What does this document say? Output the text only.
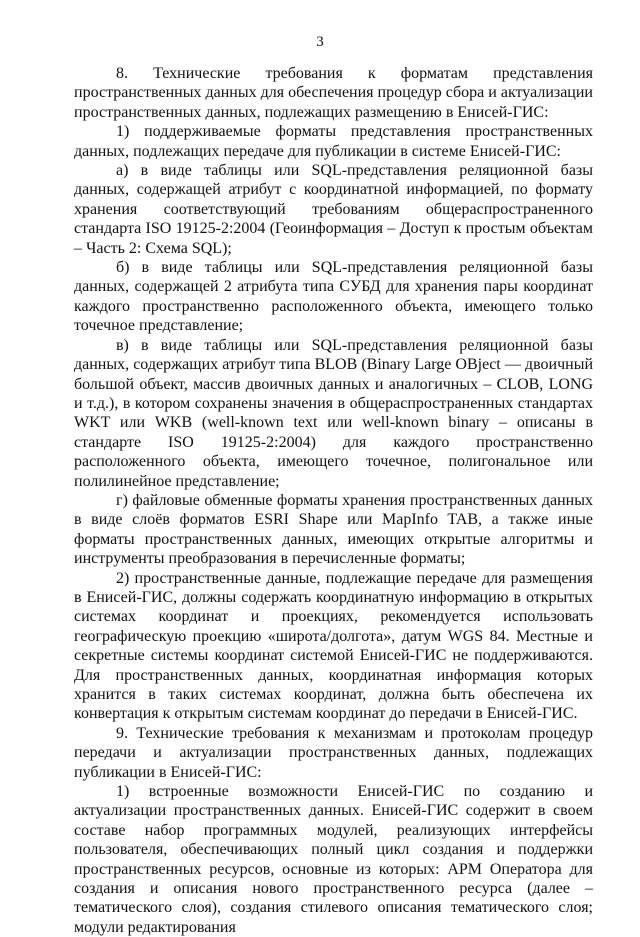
3

8. Технические требования к форматам представления пространственных данных для обеспечения процедур сбора и актуализации пространственных данных, подлежащих размещению в Енисей-ГИС:

1) поддерживаемые форматы представления пространственных данных, подлежащих передаче для публикации в системе Енисей-ГИС:

а) в виде таблицы или SQL-представления реляционной базы данных, содержащей атрибут с координатной информацией, по формату хранения соответствующий требованиям общераспространенного стандарта ISO 19125-2:2004 (Геоинформация – Доступ к простым объектам – Часть 2: Схема SQL);

б) в виде таблицы или SQL-представления реляционной базы данных, содержащей 2 атрибута типа СУБД для хранения пары координат каждого пространственно расположенного объекта, имеющего только точечное представление;

в) в виде таблицы или SQL-представления реляционной базы данных, содержащих атрибут типа BLOB (Binary Large OBject — двоичный большой объект, массив двоичных данных и аналогичных – CLOB, LONG и т.д.), в котором сохранены значения в общераспространенных стандартах WKT или WKB (well-known text или well-known binary – описаны в стандарте ISO 19125-2:2004) для каждого пространственно расположенного объекта, имеющего точечное, полигональное или полилинейное представление;

г) файловые обменные форматы хранения пространственных данных в виде слоёв форматов ESRI Shape или MapInfo TAB, а также иные форматы пространственных данных, имеющих открытые алгоритмы и инструменты преобразования в перечисленные форматы;

2) пространственные данные, подлежащие передаче для размещения в Енисей-ГИС, должны содержать координатную информацию в открытых системах координат и проекциях, рекомендуется использовать географическую проекцию «широта/долгота», датум WGS 84. Местные и секретные системы координат системой Енисей-ГИС не поддерживаются. Для пространственных данных, координатная информация которых хранится в таких системах координат, должна быть обеспечена их конвертация к открытым системам координат до передачи в Енисей-ГИС.

9. Технические требования к механизмам и протоколам процедур передачи и актуализации пространственных данных, подлежащих публикации в Енисей-ГИС:

1) встроенные возможности Енисей-ГИС по созданию и актуализации пространственных данных. Енисей-ГИС содержит в своем составе набор программных модулей, реализующих интерфейсы пользователя, обеспечивающих полный цикл создания и поддержки пространственных ресурсов, основные из которых: АРМ Оператора для создания и описания нового пространственного ресурса (далее – тематического слоя), создания стилевого описания тематического слоя; модули редактирования
